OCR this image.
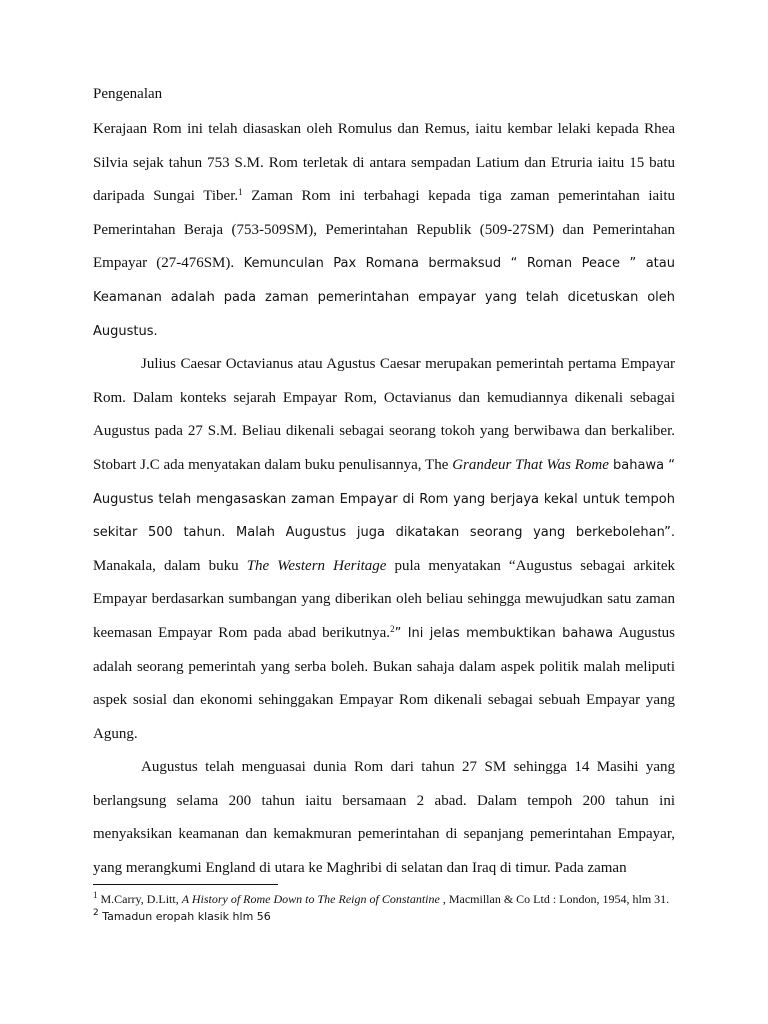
Pengenalan

Kerajaan Rom ini telah diasaskan oleh Romulus dan Remus, iaitu kembar lelaki kepada Rhea Silvia sejak tahun 753 S.M. Rom terletak di antara sempadan Latium dan Etruria iaitu 15 batu daripada Sungai Tiber.$^1$ Zaman Rom ini terbahagi kepada tiga zaman pemerintahan iaitu Pemerintahan Beraja (753-509SM), Pemerintahan Republik (509-27SM) dan Pemerintahan Empayar (27-476SM). Kemunculan Pax Romana bermaksud “ Roman Peace ” atau Keamanan adalah pada zaman pemerintahan empayar yang telah dicetuskan oleh Augustus.

Julius Caesar Octavianus atau Agustus Caesar merupakan pemerintah pertama Empayar Rom. Dalam konteks sejarah Empayar Rom, Octavianus dan kemudiannya dikenali sebagai Augustus pada 27 S.M. Beliau dikenali sebagai seorang tokoh yang berwibawa dan berkaliber. Stobart J.C ada menyatakan dalam buku penulisannya, The Grandeur That Was Rome bahawa “ Augustus telah mengasaskan zaman Empayar di Rom yang berjaya kekal untuk tempoh sekitar 500 tahun. Malah Augustus juga dikatakan seorang yang berkebolehan”. Manakala, dalam buku The Western Heritage pula menyatakan “Augustus sebagai arkitek Empayar berdasarkan sumbangan yang diberikan oleh beliau sehingga mewujudkan satu zaman keemasan Empayar Rom pada abad berikutnya.$^2$” Ini jelas membuktikan bahawa Augustus adalah seorang pemerintah yang serba boleh. Bukan sahaja dalam aspek politik malah meliputi aspek sosial dan ekonomi sehinggakan Empayar Rom dikenali sebagai sebuah Empayar yang Agung.

Augustus telah menguasai dunia Rom dari tahun 27 SM sehingga 14 Masihi yang berlangsung selama 200 tahun iaitu bersamaan 2 abad. Dalam tempoh 200 tahun ini menyaksikan keamanan dan kemakmuran pemerintahan di sepanjang pemerintahan Empayar, yang merangkumi England di utara ke Maghribi di selatan dan Iraq di timur. Pada zaman

$^1$ M.Carry, D.Litt, A History of Rome Down to The Reign of Constantine , Macmillan & Co Ltd : London, 1954, hlm 31.
$^2$ Tamadun eropah klasik hlm 56
